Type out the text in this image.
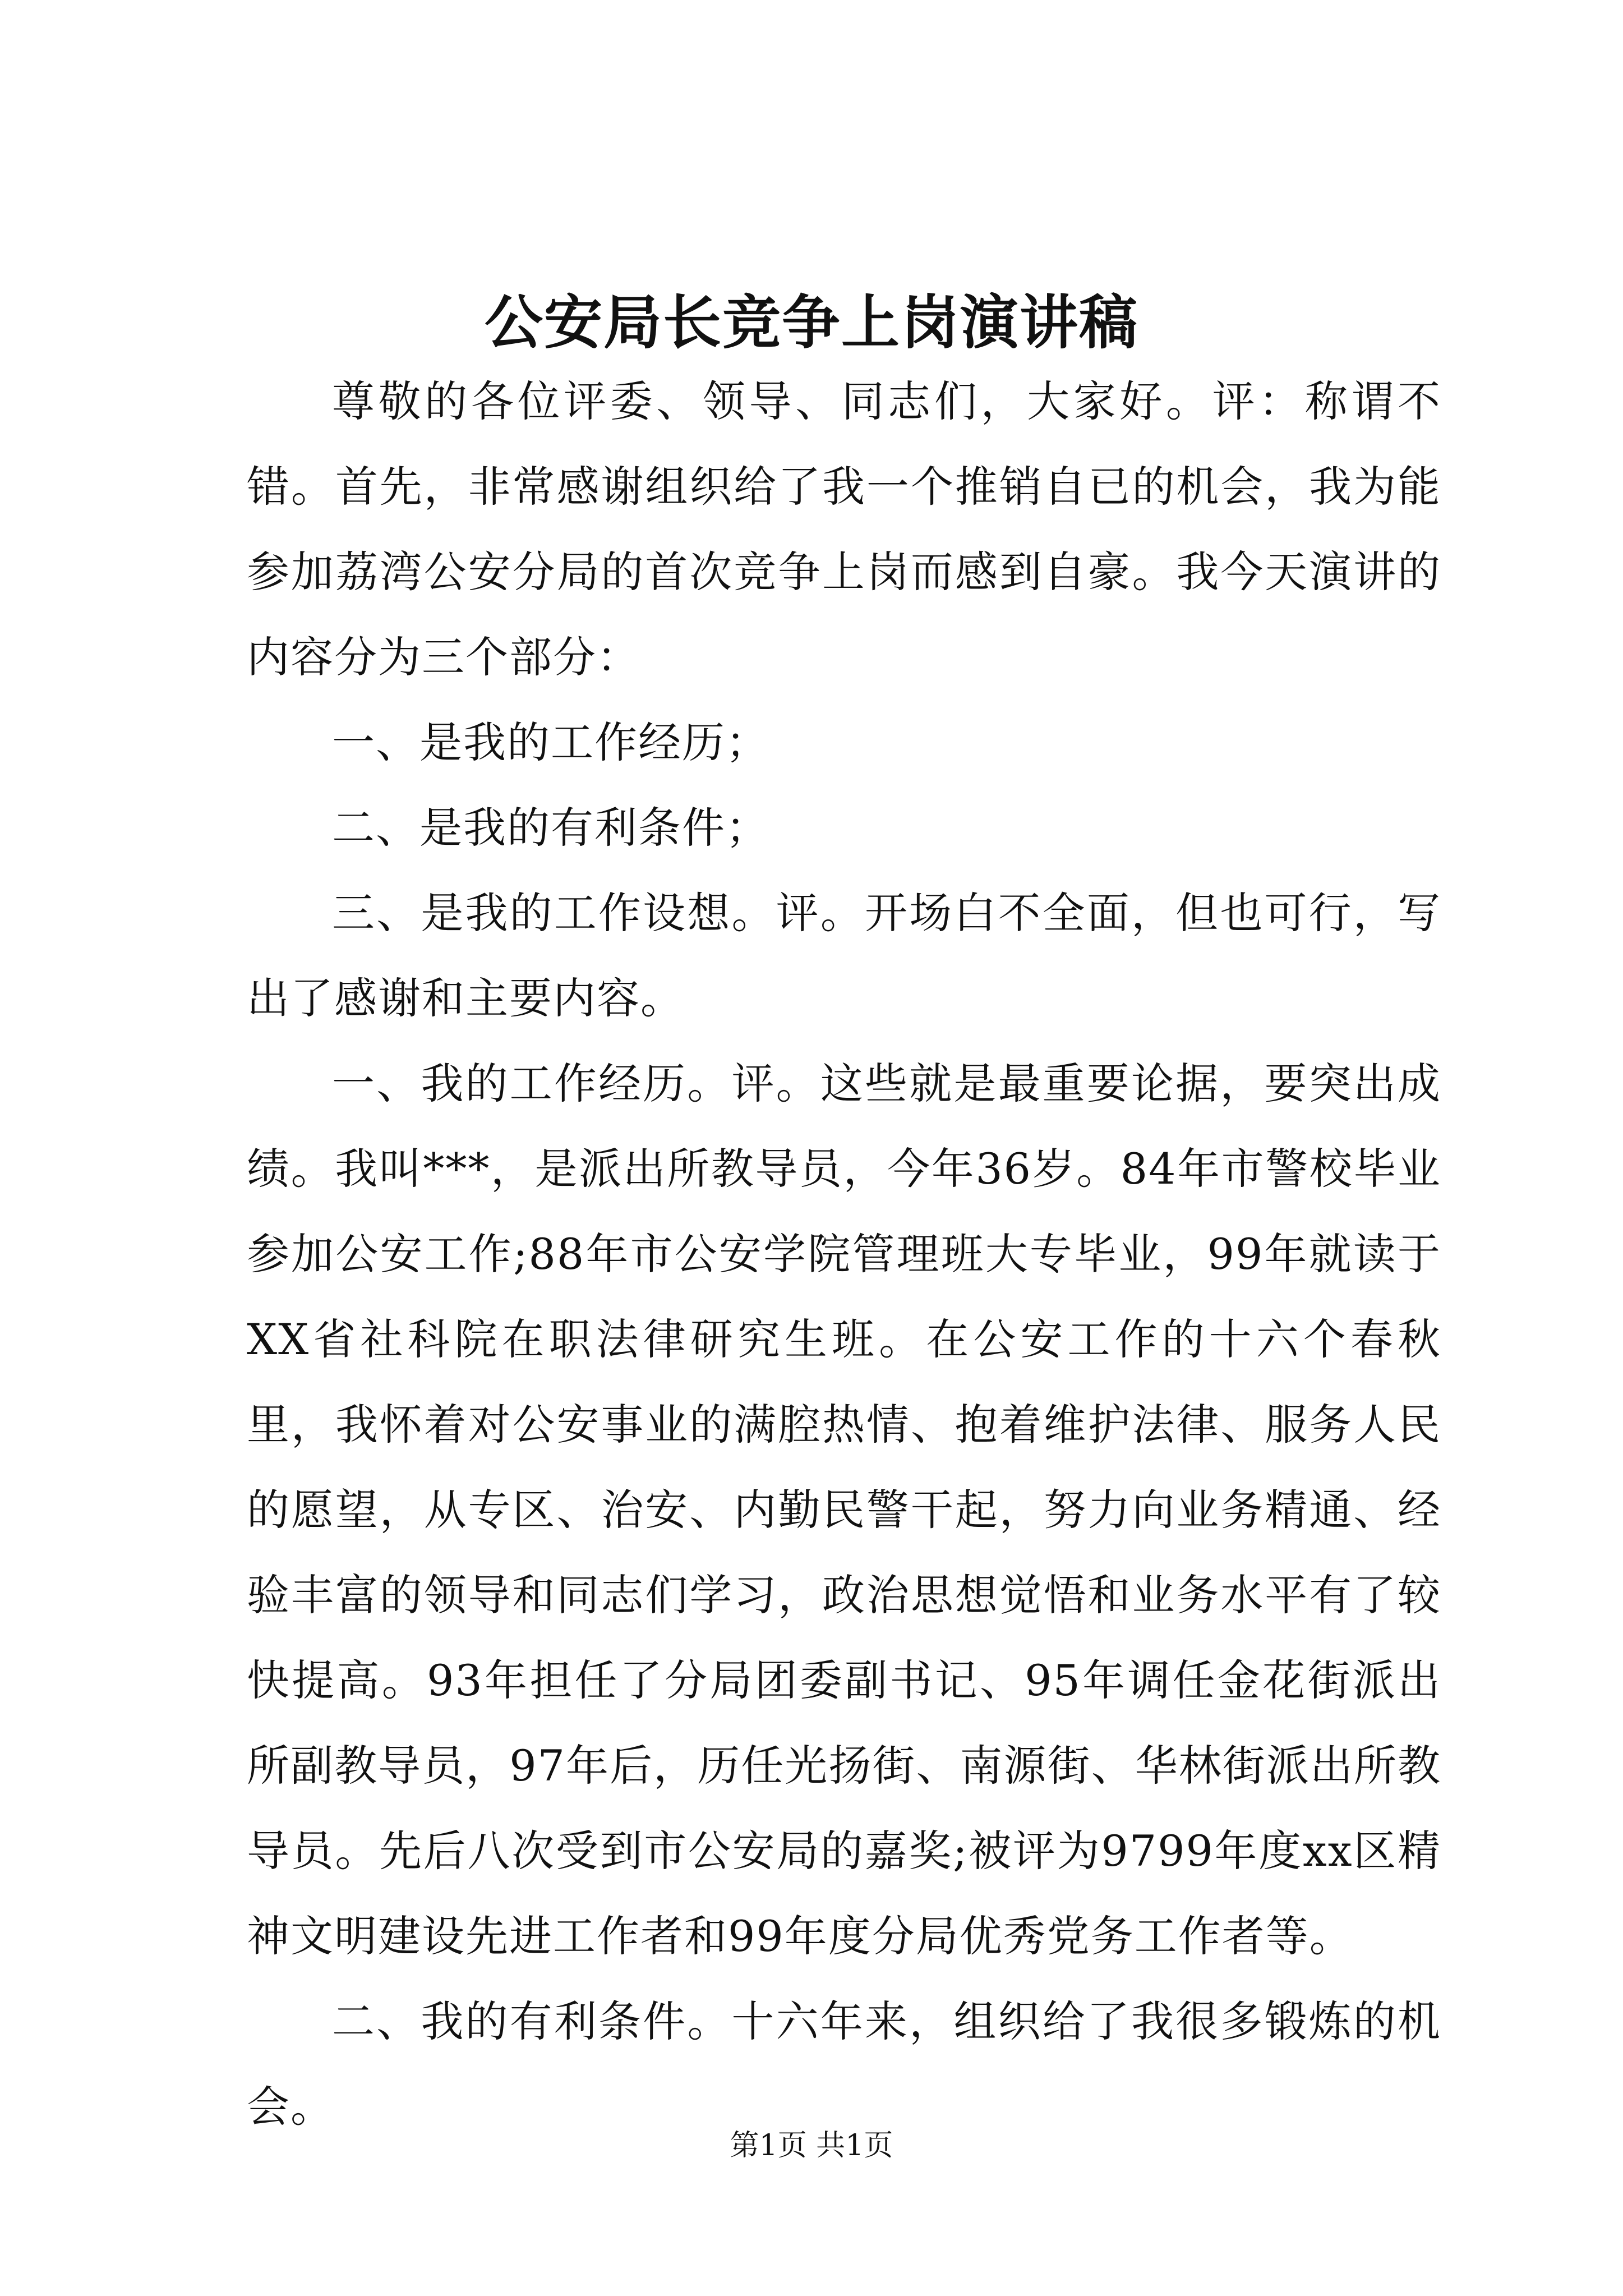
公安局长竞争上岗演讲稿

尊敬的各位评委、领导、同志们，大家好。评：称谓不错。首先，非常感谢组织给了我一个推销自已的机会，我为能参加荔湾公安分局的首次竞争上岗而感到自豪。我今天演讲的内容分为三个部分：

一、是我的工作经历；

二、是我的有利条件；

三、是我的工作设想。评。开场白不全面，但也可行，写出了感谢和主要内容。

一、我的工作经历。评。这些就是最重要论据，要突出成绩。我叫***，是派出所教导员，今年36岁。84年市警校毕业参加公安工作;88年市公安学院管理班大专毕业，99年就读于XX省社科院在职法律研究生班。在公安工作的十六个春秋里，我怀着对公安事业的满腔热情、抱着维护法律、服务人民的愿望，从专区、治安、内勤民警干起，努力向业务精通、经验丰富的领导和同志们学习，政治思想觉悟和业务水平有了较快提高。93年担任了分局团委副书记、95年调任金花街派出所副教导员，97年后，历任光扬街、南源街、华林街派出所教导员。先后八次受到市公安局的嘉奖;被评为9799年度xx区精神文明建设先进工作者和99年度分局优秀党务工作者等。

二、我的有利条件。十六年来，组织给了我很多锻炼的机会。

第1页 共1页
